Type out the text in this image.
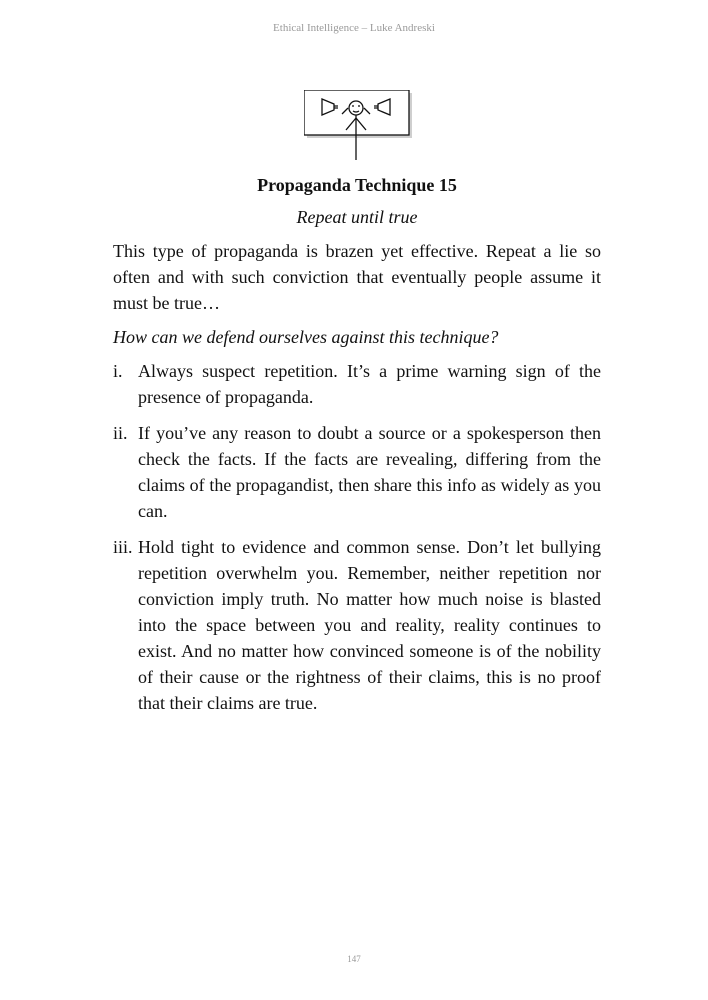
Ethical Intelligence – Luke Andreski
Propaganda Technique 15

Repeat until true

This type of propaganda is brazen yet effective. Repeat a lie so often and with such conviction that eventually people assume it must be true…

How can we defend ourselves against this technique?

i. Always suspect repetition. It’s a prime warning sign of the presence of propaganda.
ii. If you’ve any reason to doubt a source or a spokesperson then check the facts. If the facts are revealing, differing from the claims of the propagandist, then share this info as widely as you can.
iii. Hold tight to evidence and common sense. Don’t let bullying repetition overwhelm you. Remember, neither repetition nor conviction imply truth. No matter how much noise is blasted into the space between you and reality, reality continues to exist. And no matter how convinced someone is of the nobility of their cause or the rightness of their claims, this is no proof that their claims are true.
147
